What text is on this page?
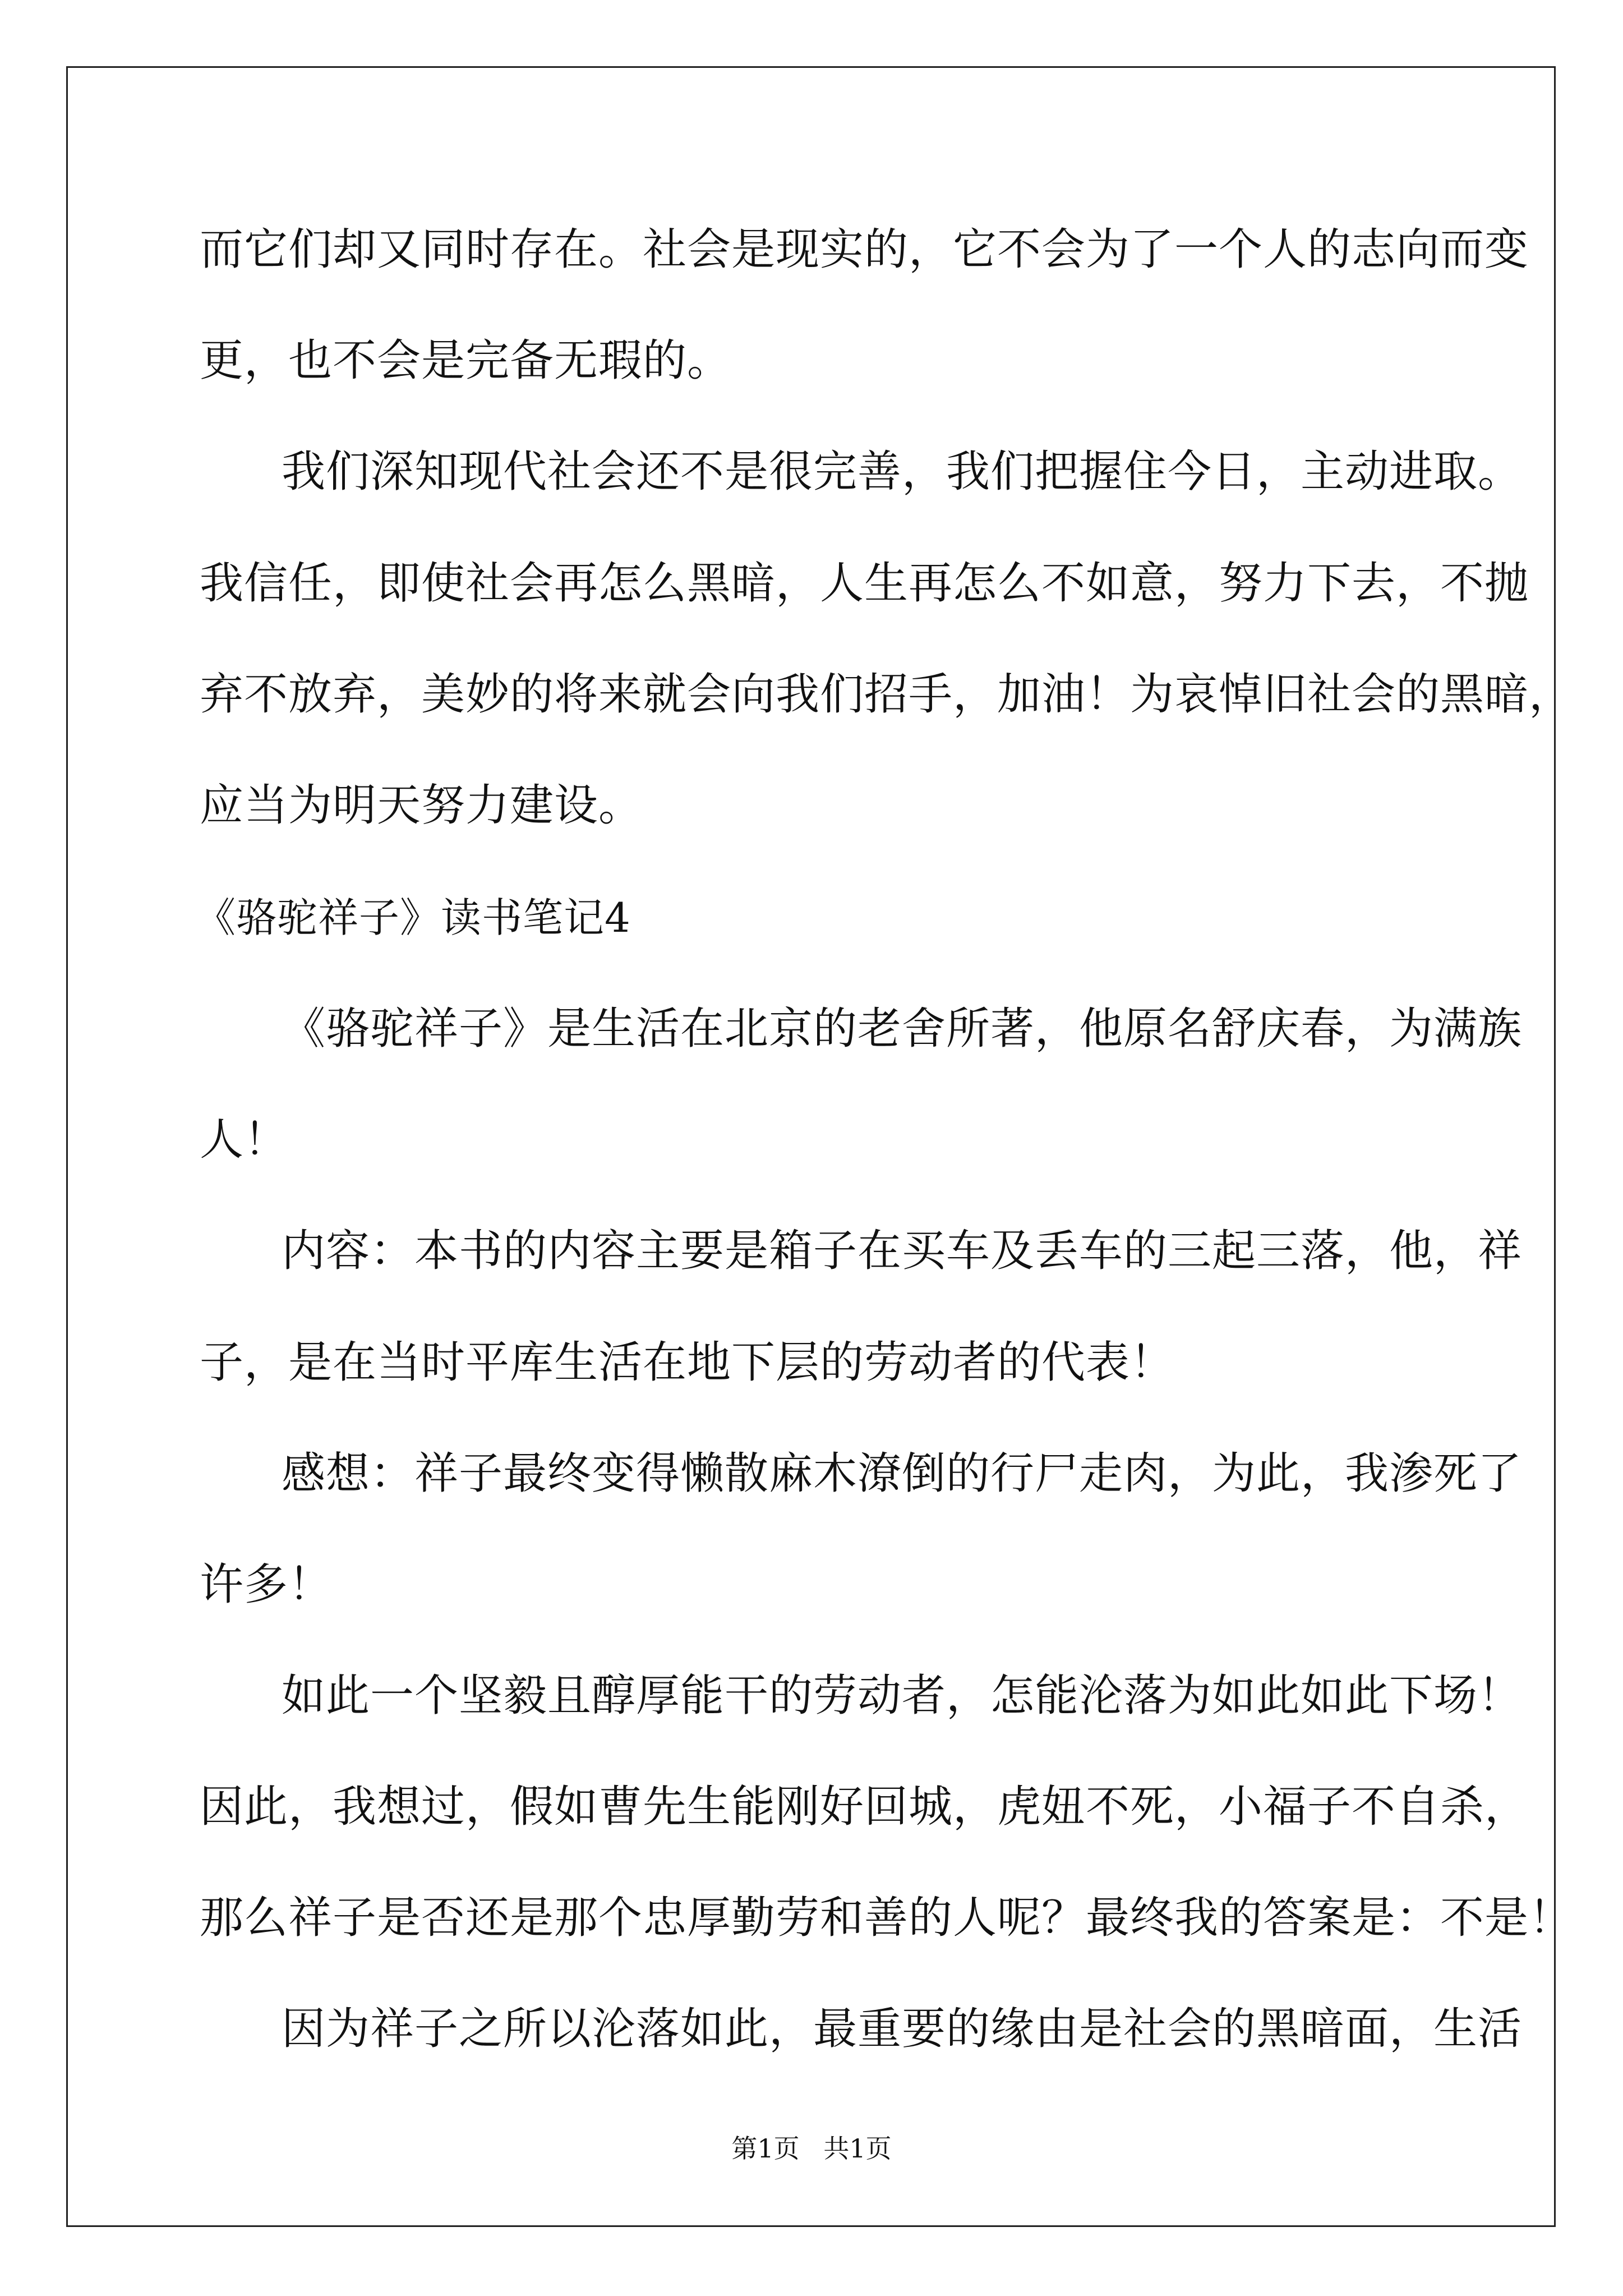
而它们却又同时存在。社会是现实的，它不会为了一个人的志向而变
更，也不会是完备无瑕的。
我们深知现代社会还不是很完善，我们把握住今日，主动进取。
我信任，即使社会再怎么黑暗，人生再怎么不如意，努力下去，不抛
弃不放弃，美妙的将来就会向我们招手，加油！为哀悼旧社会的黑暗，
应当为明天努力建设。
《骆驼祥子》读书笔记4
《骆驼祥子》是生活在北京的老舍所著，他原名舒庆春，为满族
人！
内容：本书的内容主要是箱子在买车及丢车的三起三落，他，祥
子，是在当时平库生活在地下层的劳动者的代表！
感想：祥子最终变得懒散麻木潦倒的行尸走肉，为此，我渗死了
许多！
如此一个坚毅且醇厚能干的劳动者，怎能沦落为如此如此下场！
因此，我想过，假如曹先生能刚好回城，虎妞不死，小福子不自杀，
那么祥子是否还是那个忠厚勤劳和善的人呢？最终我的答案是：不是！
因为祥子之所以沦落如此，最重要的缘由是社会的黑暗面，生活
第1页 共1页
